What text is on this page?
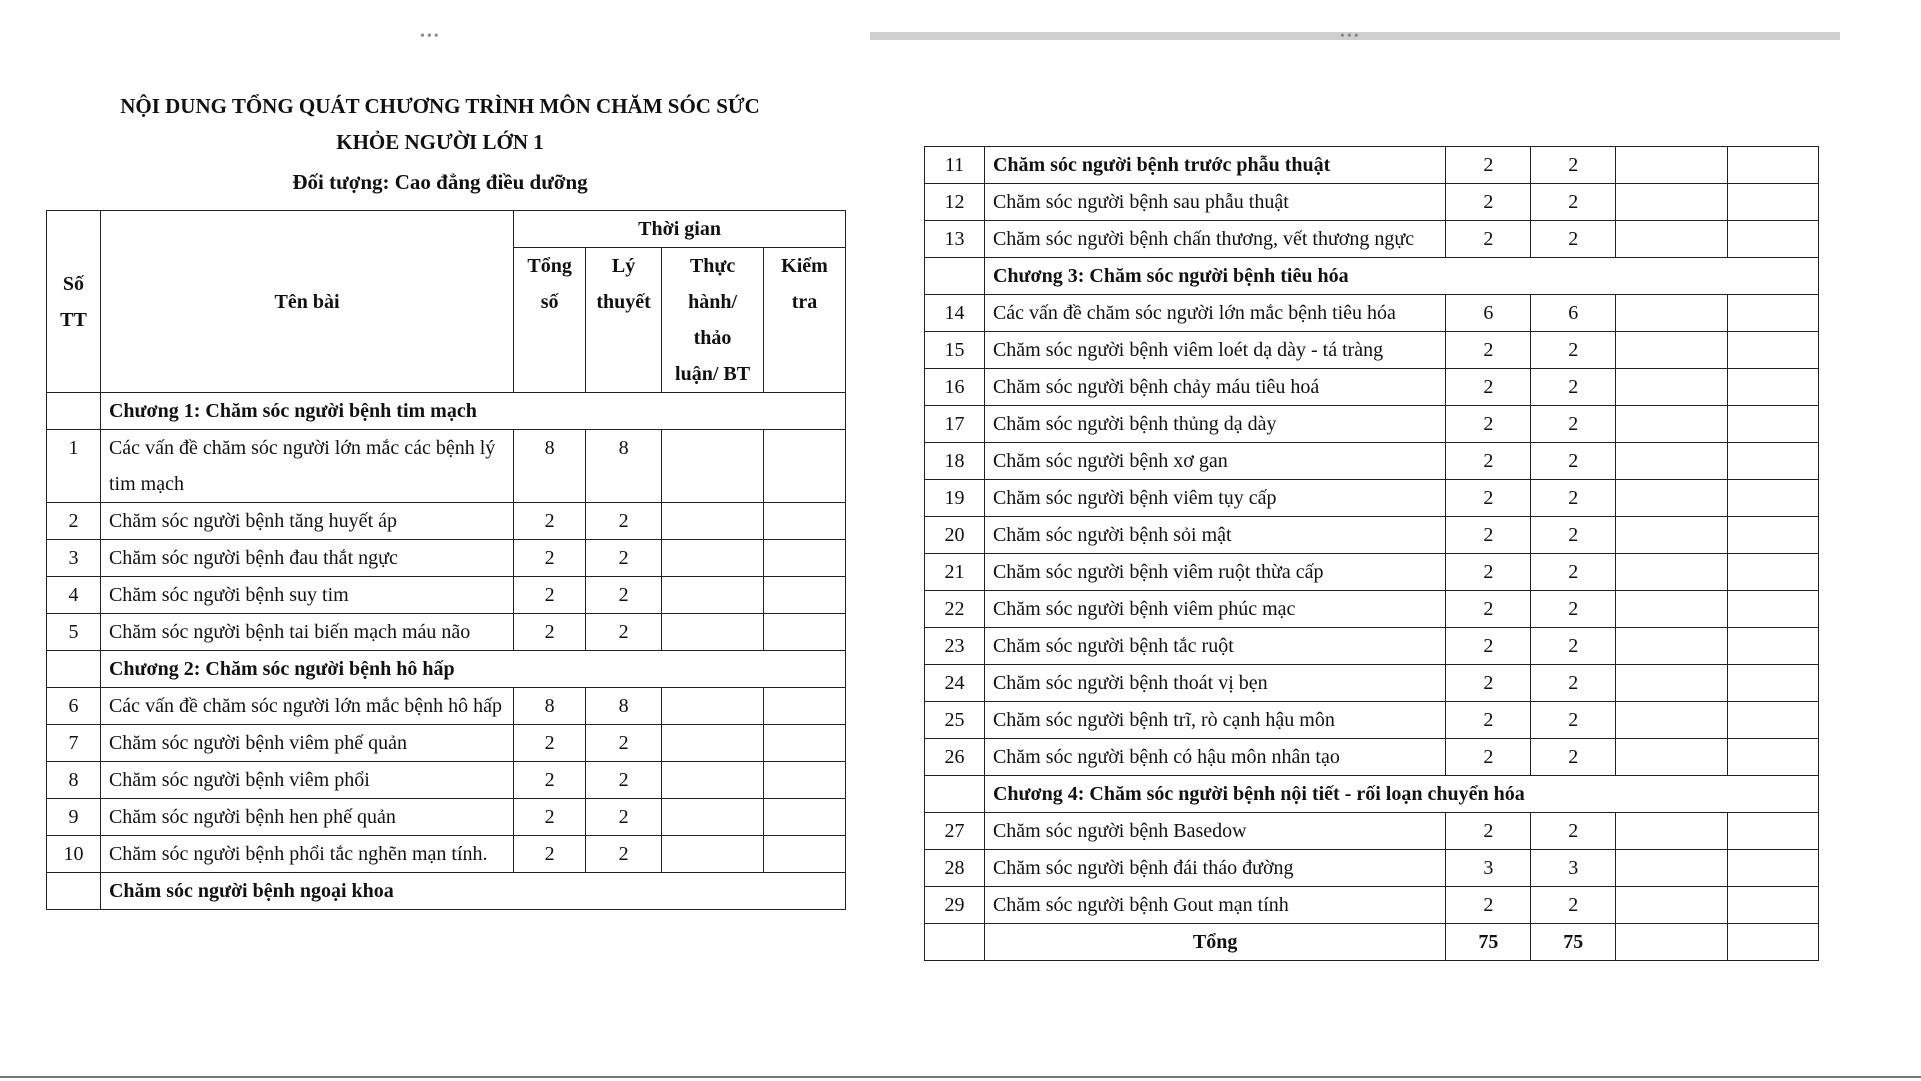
•••
NỘI DUNG TỔNG QUÁT CHƯƠNG TRÌNH MÔN CHĂM SÓC SỨC
KHỎE NGƯỜI LỚN 1
Đối tượng: Cao đẳng điều dưỡng
Số TT	Tên bài	Thời gian			
		Tổng số	Lý thuyết	Thực hành/ thảo luận/ BT	Kiểm tra
	Chương 1: Chăm sóc người bệnh tim mạch				
1	Các vấn đề chăm sóc người lớn mắc các bệnh lý tim mạch	8	8		
2	Chăm sóc người bệnh tăng huyết áp	2	2		
3	Chăm sóc người bệnh đau thắt ngực	2	2		
4	Chăm sóc người bệnh suy tim	2	2		
5	Chăm sóc người bệnh tai biến mạch máu não	2	2		
	Chương 2: Chăm sóc người bệnh hô hấp				
6	Các vấn đề chăm sóc người lớn mắc bệnh hô hấp	8	8		
7	Chăm sóc người bệnh viêm phế quản	2	2		
8	Chăm sóc người bệnh viêm phổi	2	2		
9	Chăm sóc người bệnh hen phế quản	2	2		
10	Chăm sóc người bệnh phổi tắc nghẽn mạn tính.	2	2		
	Chăm sóc người bệnh ngoại khoa				
•••
11	Chăm sóc người bệnh trước phẫu thuật	2	2		
12	Chăm sóc người bệnh sau phẫu thuật	2	2		
13	Chăm sóc người bệnh chấn thương, vết thương ngực	2	2		
	Chương 3: Chăm sóc người bệnh tiêu hóa				
14	Các vấn đề chăm sóc người lớn mắc bệnh tiêu hóa	6	6		
15	Chăm sóc người bệnh viêm loét dạ dày - tá tràng	2	2		
16	Chăm sóc người bệnh chảy máu tiêu hoá	2	2		
17	Chăm sóc người bệnh thủng dạ dày	2	2		
18	Chăm sóc người bệnh xơ gan	2	2		
19	Chăm sóc người bệnh viêm tụy cấp	2	2		
20	Chăm sóc người bệnh sỏi mật	2	2		
21	Chăm sóc người bệnh viêm ruột thừa cấp	2	2		
22	Chăm sóc người bệnh viêm phúc mạc	2	2		
23	Chăm sóc người bệnh tắc ruột	2	2		
24	Chăm sóc người bệnh thoát vị bẹn	2	2		
25	Chăm sóc người bệnh trĩ, rò cạnh hậu môn	2	2		
26	Chăm sóc người bệnh có hậu môn nhân tạo	2	2		
	Chương 4: Chăm sóc người bệnh nội tiết - rối loạn chuyển hóa				
27	Chăm sóc người bệnh Basedow	2	2		
28	Chăm sóc người bệnh đái tháo đường	3	3		
29	Chăm sóc người bệnh Gout mạn tính	2	2		
	Tổng	75	75		
